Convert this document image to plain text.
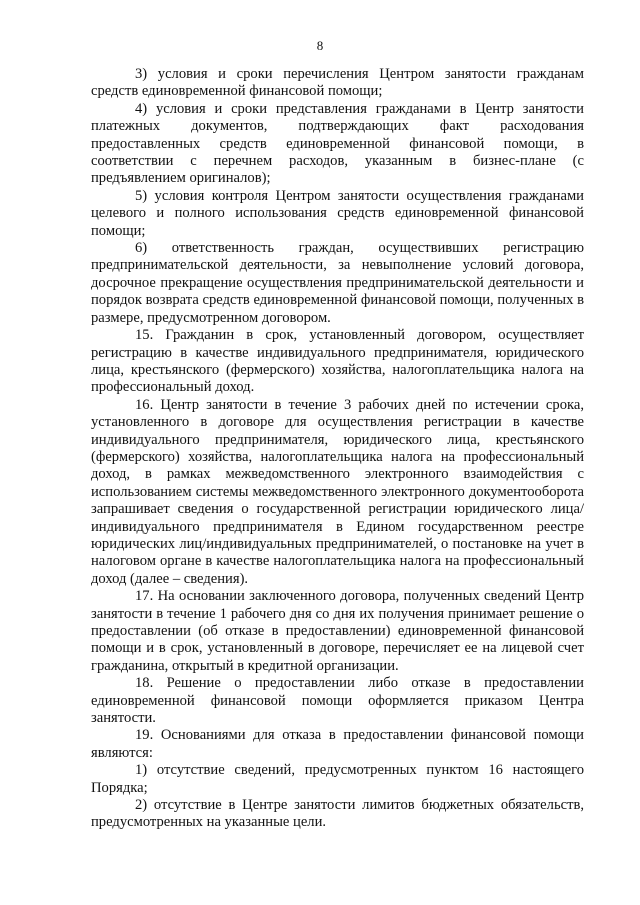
8

3) условия и сроки перечисления Центром занятости гражданам средств единовременной финансовой помощи;

4) условия и сроки представления гражданами в Центр занятости платежных документов, подтверждающих факт расходования предоставленных средств единовременной финансовой помощи, в соответствии с перечнем расходов, указанным в бизнес-плане (с предъявлением оригиналов);

5) условия контроля Центром занятости осуществления гражданами целевого и полного использования средств единовременной финансовой помощи;

6) ответственность граждан, осуществивших регистрацию предпринимательской деятельности, за невыполнение условий договора, досрочное прекращение осуществления предпринимательской деятельности и порядок возврата средств единовременной финансовой помощи, полученных в размере, предусмотренном договором.

15. Гражданин в срок, установленный договором, осуществляет регистрацию в качестве индивидуального предпринимателя, юридического лица, крестьянского (фермерского) хозяйства, налогоплательщика налога на профессиональный доход.

16. Центр занятости в течение 3 рабочих дней по истечении срока, установленного в договоре для осуществления регистрации в качестве индивидуального предпринимателя, юридического лица, крестьянского (фермерского) хозяйства, налогоплательщика налога на профессиональный доход, в рамках межведомственного электронного взаимодействия с использованием системы межведомственного электронного документооборота запрашивает сведения о государственной регистрации юридического лица/индивидуального предпринимателя в Едином государственном реестре юридических лиц/индивидуальных предпринимателей, о постановке на учет в налоговом органе в качестве налогоплательщика налога на профессиональный доход (далее – сведения).

17. На основании заключенного договора, полученных сведений Центр занятости в течение 1 рабочего дня со дня их получения принимает решение о предоставлении (об отказе в предоставлении) единовременной финансовой помощи и в срок, установленный в договоре, перечисляет ее на лицевой счет гражданина, открытый в кредитной организации.

18. Решение о предоставлении либо отказе в предоставлении единовременной финансовой помощи оформляется приказом Центра занятости.

19. Основаниями для отказа в предоставлении финансовой помощи являются:

1) отсутствие сведений, предусмотренных пунктом 16 настоящего Порядка;

2) отсутствие в Центре занятости лимитов бюджетных обязательств, предусмотренных на указанные цели.
